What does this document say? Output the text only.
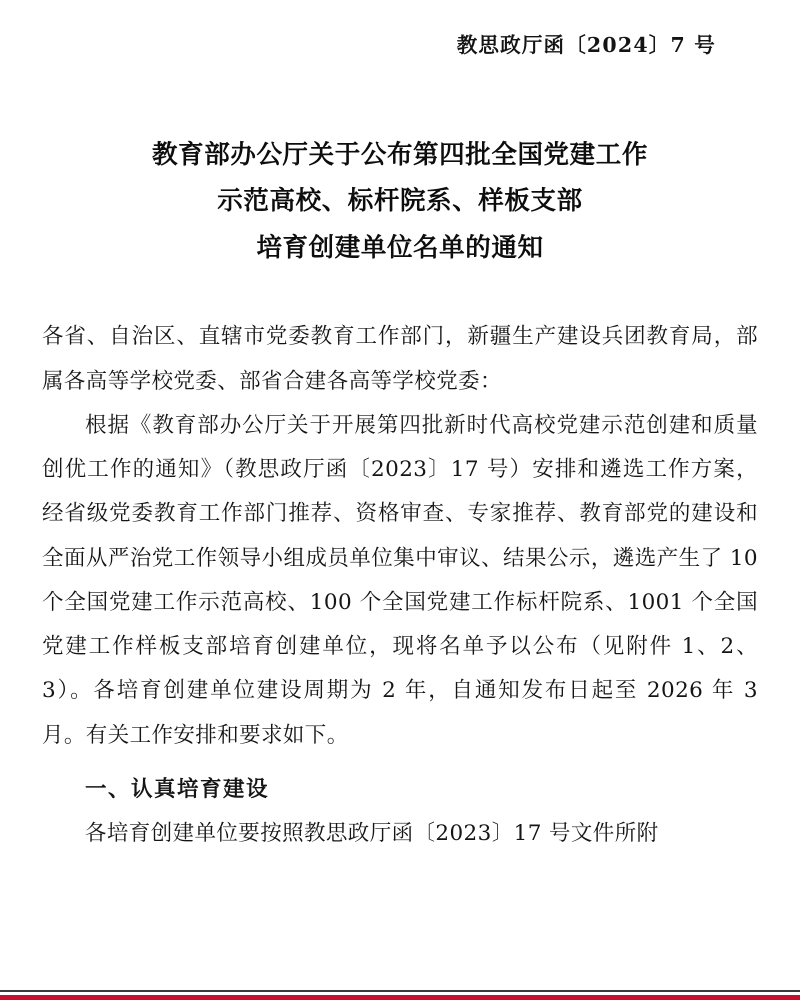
教思政厅函〔2024〕7 号
教育部办公厅关于公布第四批全国党建工作
示范高校、标杆院系、样板支部
培育创建单位名单的通知

各省、自治区、直辖市党委教育工作部门，新疆生产建设兵团教育局，部属各高等学校党委、部省合建各高等学校党委：

根据《教育部办公厅关于开展第四批新时代高校党建示范创建和质量创优工作的通知》（教思政厅函〔2023〕17 号）安排和遴选工作方案，经省级党委教育工作部门推荐、资格审查、专家推荐、教育部党的建设和全面从严治党工作领导小组成员单位集中审议、结果公示，遴选产生了 10 个全国党建工作示范高校、100 个全国党建工作标杆院系、1001 个全国党建工作样板支部培育创建单位，现将名单予以公布（见附件 1、2、3）。各培育创建单位建设周期为 2 年，自通知发布日起至 2026 年 3 月。有关工作安排和要求如下。

一、认真培育建设

各培育创建单位要按照教思政厅函〔2023〕17 号文件所附
